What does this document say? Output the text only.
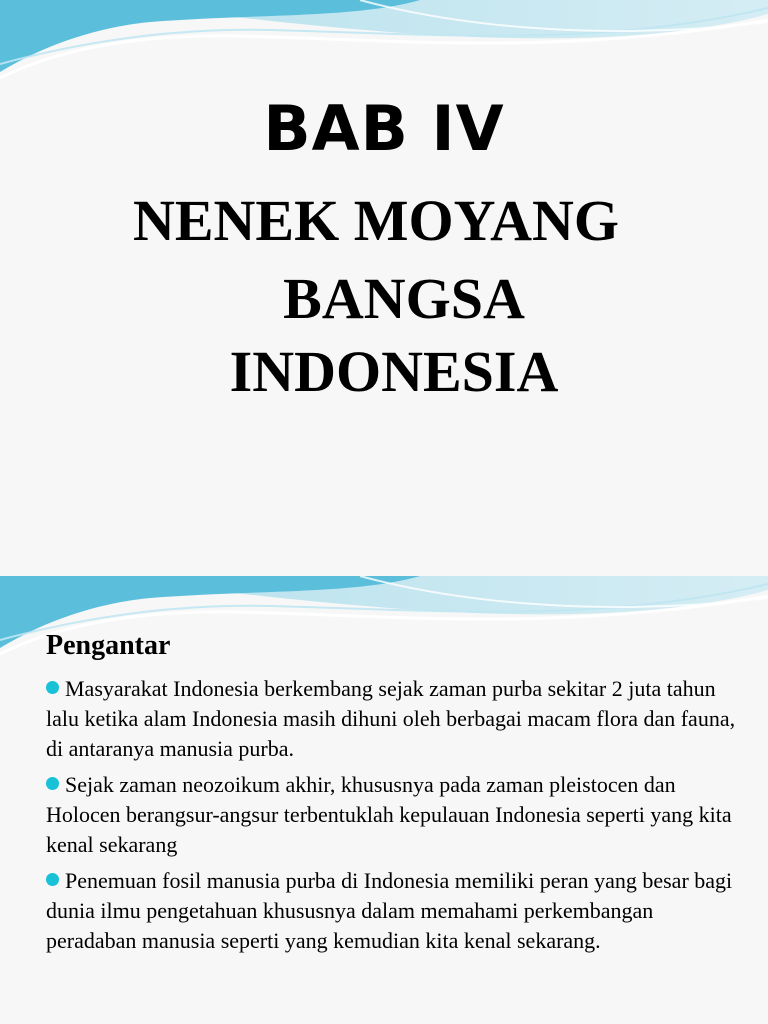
BAB IV
NENEK MOYANG
BANGSA
INDONESIA
Pengantar
Masyarakat Indonesia berkembang sejak zaman purba sekitar 2 juta tahun lalu ketika alam Indonesia masih dihuni oleh berbagai macam flora dan fauna, di antaranya manusia purba.
Sejak zaman neozoikum akhir, khususnya pada zaman pleistocen dan Holocen berangsur-angsur terbentuklah kepulauan Indonesia seperti yang kita kenal sekarang
Penemuan fosil manusia purba di Indonesia memiliki peran yang besar bagi dunia ilmu pengetahuan khususnya dalam memahami perkembangan peradaban manusia seperti yang kemudian kita kenal sekarang.
